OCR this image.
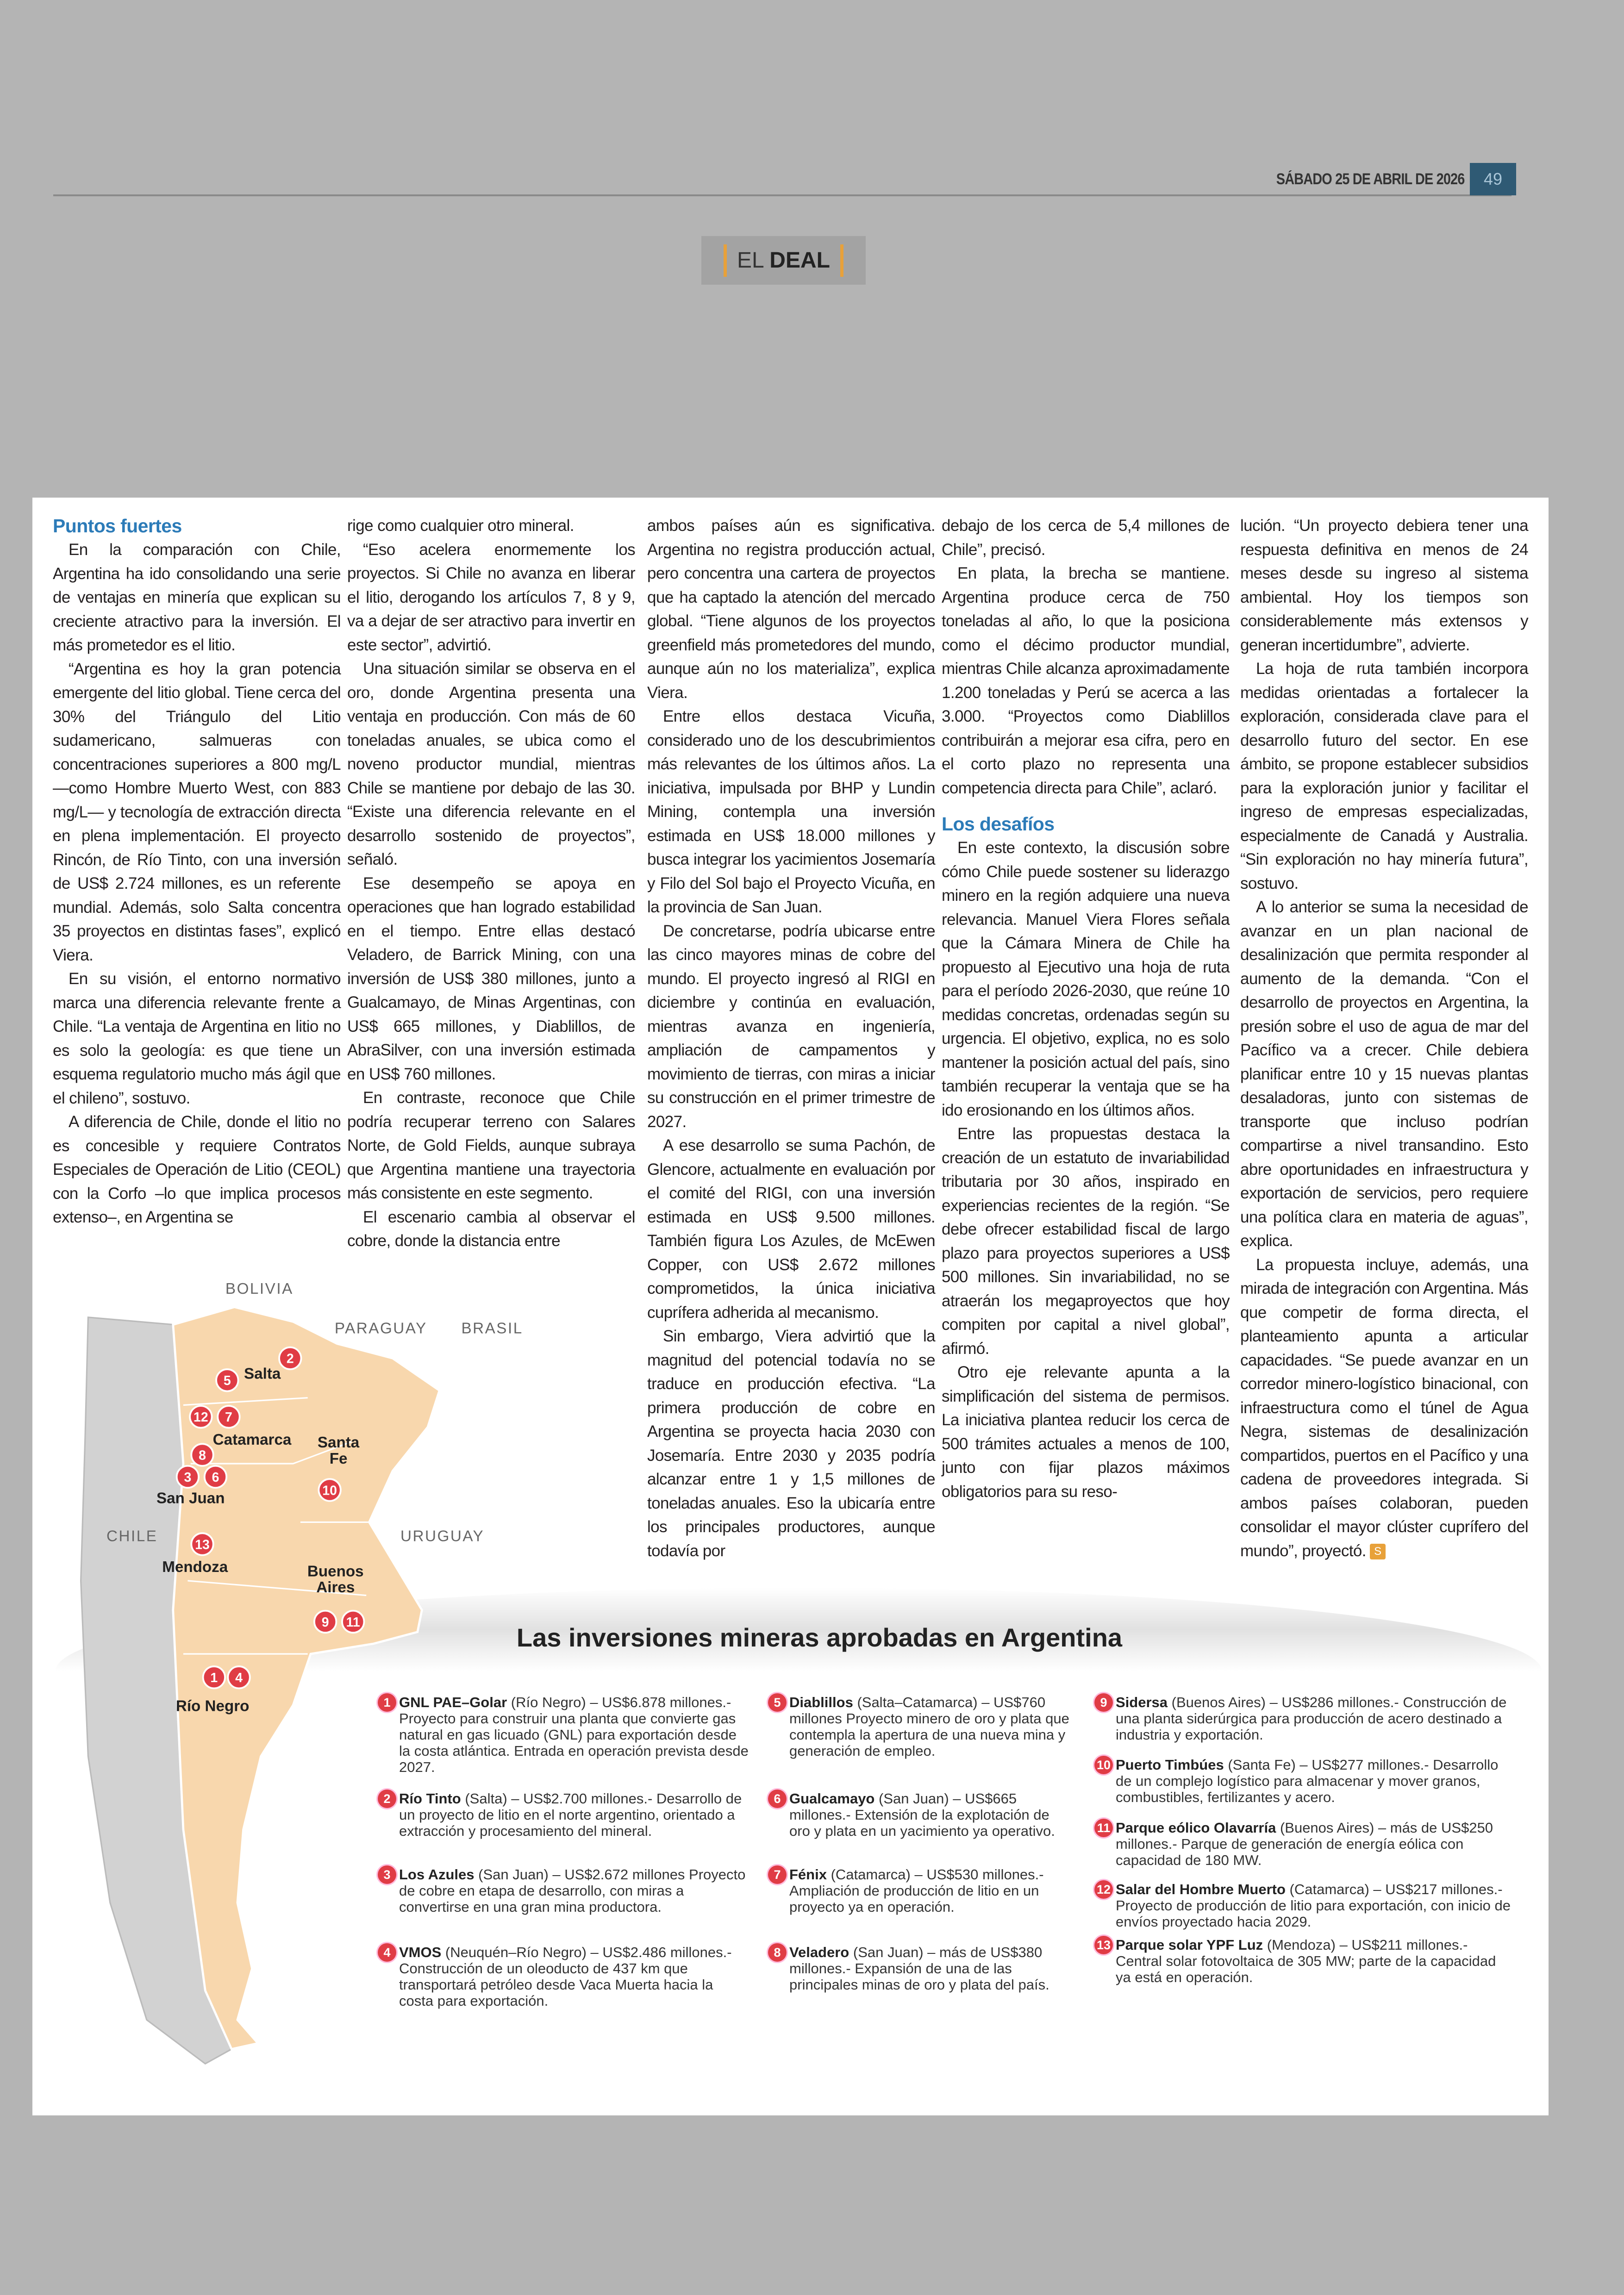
SÁBADO 25 DE ABRIL DE 2026	49
EL DEAL
Puntos fuertes

En la comparación con Chile, Argentina ha ido consolidando una serie de ventajas en minería que explican su creciente atractivo para la inversión. El más prometedor es el litio.

“Argentina es hoy la gran potencia emergente del litio global. Tiene cerca del 30% del Triángulo del Litio sudamericano, salmueras con concentraciones superiores a 800 mg/L —como Hombre Muerto West, con 883 mg/L— y tecnología de extracción directa en plena implementación. El proyecto Rincón, de Río Tinto, con una inversión de US$ 2.724 millones, es un referente mundial. Además, solo Salta concentra 35 proyectos en distintas fases”, explicó Viera.

En su visión, el entorno normativo marca una diferencia relevante frente a Chile. “La ventaja de Argentina en litio no es solo la geología: es que tiene un esquema regulatorio mucho más ágil que el chileno”, sostuvo.

A diferencia de Chile, donde el litio no es concesible y requiere Contratos Especiales de Operación de Litio (CEOL) con la Corfo –lo que implica procesos extenso–, en Argentina se

rige como cualquier otro mineral.

“Eso acelera enormemente los proyectos. Si Chile no avanza en liberar el litio, derogando los artículos 7, 8 y 9, va a dejar de ser atractivo para invertir en este sector”, advirtió.

Una situación similar se observa en el oro, donde Argentina presenta una ventaja en producción. Con más de 60 toneladas anuales, se ubica como el noveno productor mundial, mientras Chile se mantiene por debajo de las 30. “Existe una diferencia relevante en el desarrollo sostenido de proyectos”, señaló.

Ese desempeño se apoya en operaciones que han logrado estabilidad en el tiempo. Entre ellas destacó Veladero, de Barrick Mining, con una inversión de US$ 380 millones, junto a Gualcamayo, de Minas Argentinas, con US$ 665 millones, y Diablillos, de AbraSilver, con una inversión estimada en US$ 760 millones.

En contraste, reconoce que Chile podría recuperar terreno con Salares Norte, de Gold Fields, aunque subraya que Argentina mantiene una trayectoria más consistente en este segmento.

El escenario cambia al observar el cobre, donde la distancia entre

ambos países aún es significativa. Argentina no registra producción actual, pero concentra una cartera de proyectos que ha captado la atención del mercado global. “Tiene algunos de los proyectos greenfield más prometedores del mundo, aunque aún no los materializa”, explica Viera.

Entre ellos destaca Vicuña, considerado uno de los descubrimientos más relevantes de los últimos años. La iniciativa, impulsada por BHP y Lundin Mining, contempla una inversión estimada en US$ 18.000 millones y busca integrar los yacimientos Josemaría y Filo del Sol bajo el Proyecto Vicuña, en la provincia de San Juan.

De concretarse, podría ubicarse entre las cinco mayores minas de cobre del mundo. El proyecto ingresó al RIGI en diciembre y continúa en evaluación, mientras avanza en ingeniería, ampliación de campamentos y movimiento de tierras, con miras a iniciar su construcción en el primer trimestre de 2027.

A ese desarrollo se suma Pachón, de Glencore, actualmente en evaluación por el comité del RIGI, con una inversión estimada en US$ 9.500 millones. También figura Los Azules, de McEwen Copper, con US$ 2.672 millones comprometidos, la única iniciativa cuprífera adherida al mecanismo.

Sin embargo, Viera advirtió que la magnitud del potencial todavía no se traduce en producción efectiva. “La primera producción de cobre en Argentina se proyecta hacia 2030 con Josemaría. Entre 2030 y 2035 podría alcanzar entre 1 y 1,5 millones de toneladas anuales. Eso la ubicaría entre los principales productores, aunque todavía por

debajo de los cerca de 5,4 millones de Chile”, precisó.

En plata, la brecha se mantiene. Argentina produce cerca de 750 toneladas al año, lo que la posiciona como el décimo productor mundial, mientras Chile alcanza aproximadamente 1.200 toneladas y Perú se acerca a las 3.000. “Proyectos como Diablillos contribuirán a mejorar esa cifra, pero en el corto plazo no representa una competencia directa para Chile”, aclaró.

Los desafíos

En este contexto, la discusión sobre cómo Chile puede sostener su liderazgo minero en la región adquiere una nueva relevancia. Manuel Viera Flores señala que la Cámara Minera de Chile ha propuesto al Ejecutivo una hoja de ruta para el período 2026-2030, que reúne 10 medidas concretas, ordenadas según su urgencia. El objetivo, explica, no es solo mantener la posición actual del país, sino también recuperar la ventaja que se ha ido erosionando en los últimos años.

Entre las propuestas destaca la creación de un estatuto de invariabilidad tributaria por 30 años, inspirado en experiencias recientes de la región. “Se debe ofrecer estabilidad fiscal de largo plazo para proyectos superiores a US$ 500 millones. Sin invariabilidad, no se atraerán los megaproyectos que hoy compiten por capital a nivel global”, afirmó.

Otro eje relevante apunta a la simplificación del sistema de permisos. La iniciativa plantea reducir los cerca de 500 trámites actuales a menos de 100, junto con fijar plazos máximos obligatorios para su reso-

lución. “Un proyecto debiera tener una respuesta definitiva en menos de 24 meses desde su ingreso al sistema ambiental. Hoy los tiempos son considerablemente más extensos y generan incertidumbre”, advierte.

La hoja de ruta también incorpora medidas orientadas a fortalecer la exploración, considerada clave para el desarrollo futuro del sector. En ese ámbito, se propone establecer subsidios para la exploración junior y facilitar el ingreso de empresas especializadas, especialmente de Canadá y Australia. “Sin exploración no hay minería futura”, sostuvo.

A lo anterior se suma la necesidad de avanzar en un plan nacional de desalinización que permita responder al aumento de la demanda. “Con el desarrollo de proyectos en Argentina, la presión sobre el uso de agua de mar del Pacífico va a crecer. Chile debiera planificar entre 10 y 15 nuevas plantas desaladoras, junto con sistemas de transporte que incluso podrían compartirse a nivel transandino. Esto abre oportunidades en infraestructura y exportación de servicios, pero requiere una política clara en materia de aguas”, explica.

La propuesta incluye, además, una mirada de integración con Argentina. Más que competir de forma directa, el planteamiento apunta a articular capacidades. “Se puede avanzar en un corredor minero-logístico binacional, con infraestructura como el túnel de Agua Negra, sistemas de desalinización compartidos, puertos en el Pacífico y una cadena de proveedores integrada. Si ambos países colaboran, pueden consolidar el mayor clúster cuprífero del mundo”, proyectó. S

BOLIVIA
PARAGUAY	BRASIL
CHILE	URUGUAY
Salta
Catamarca
San Juan
Mendoza
Santa Fe
Buenos Aires
Río Negro
2
5
12	7
8
3	6
13
10
9	11
1	4
Las inversiones mineras aprobadas en Argentina
1 GNL PAE–Golar (Río Negro) – US$6.878 millones.- Proyecto para construir una planta que convierte gas natural en gas licuado (GNL) para exportación desde la costa atlántica. Entrada en operación prevista desde 2027.
2 Río Tinto (Salta) – US$2.700 millones.- Desarrollo de un proyecto de litio en el norte argentino, orientado a extracción y procesamiento del mineral.
3 Los Azules (San Juan) – US$2.672 millones Proyecto de cobre en etapa de desarrollo, con miras a convertirse en una gran mina productora.
4 VMOS (Neuquén–Río Negro) – US$2.486 millones.- Construcción de un oleoducto de 437 km que transportará petróleo desde Vaca Muerta hacia la costa para exportación.
5 Diablillos (Salta–Catamarca) – US$760 millones Proyecto minero de oro y plata que contempla la apertura de una nueva mina y generación de empleo.
6 Gualcamayo (San Juan) – US$665 millones.- Extensión de la explotación de oro y plata en un yacimiento ya operativo.
7 Fénix (Catamarca) – US$530 millones.- Ampliación de producción de litio en un proyecto ya en operación.
8 Veladero (San Juan) – más de US$380 millones.- Expansión de una de las principales minas de oro y plata del país.
9 Sidersa (Buenos Aires) – US$286 millones.- Construcción de una planta siderúrgica para producción de acero destinado a industria y exportación.
10 Puerto Timbúes (Santa Fe) – US$277 millones.- Desarrollo de un complejo logístico para almacenar y mover granos, combustibles, fertilizantes y acero.
11 Parque eólico Olavarría (Buenos Aires) – más de US$250 millones.- Parque de generación de energía eólica con capacidad de 180 MW.
12 Salar del Hombre Muerto (Catamarca) – US$217 millones.- Proyecto de producción de litio para exportación, con inicio de envíos proyectado hacia 2029.
13 Parque solar YPF Luz (Mendoza) – US$211 millones.- Central solar fotovoltaica de 305 MW; parte de la capacidad ya está en operación.
